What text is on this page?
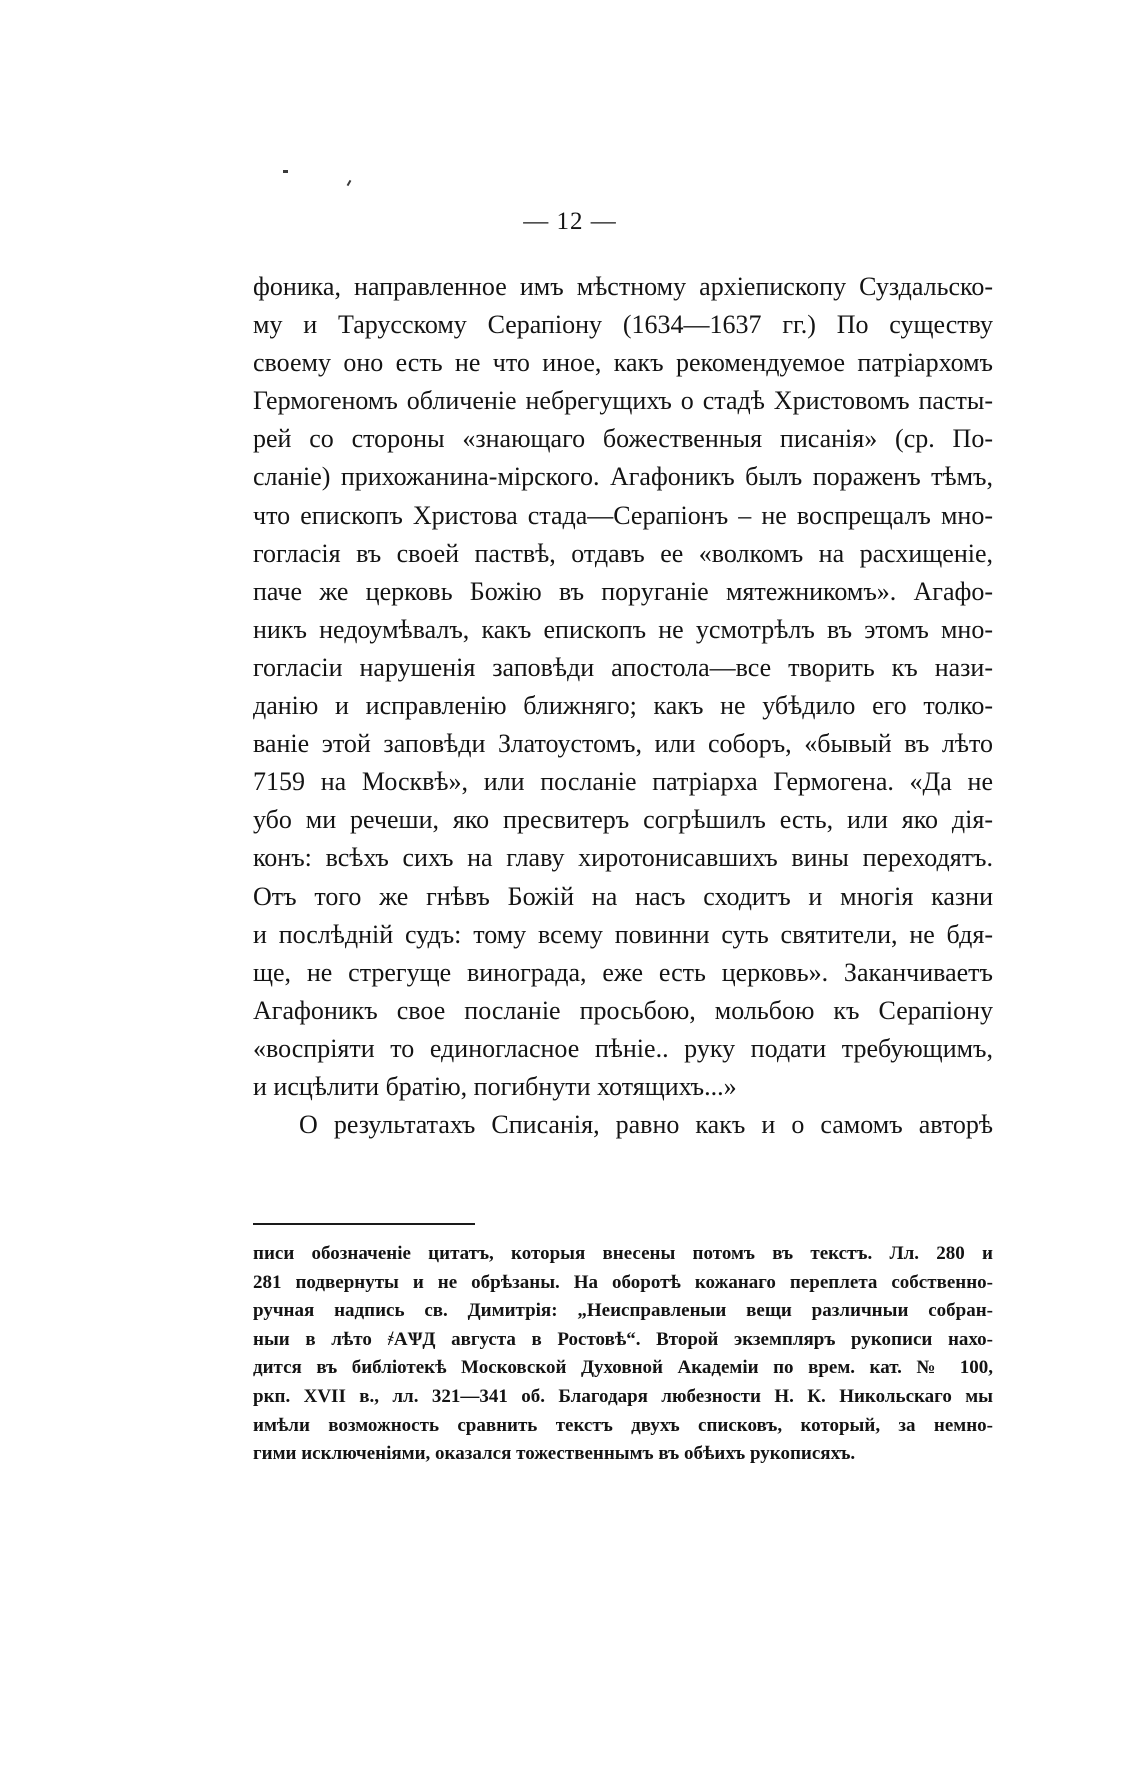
— 12 —
фоника, направленное имъ мѣстному архіепископу Суздальско-
му и Тарусскому Серапіону (1634—1637 гг.) По существу
своему оно есть не что иное, какъ рекомендуемое патріархомъ
Гермогеномъ обличеніе небрегущихъ о стадѣ Христовомъ пасты-
рей со стороны «знающаго божественныя писанія» (ср. По-
сланіе) прихожанина-мірского. Агафоникъ былъ пораженъ тѣмъ,
что епископъ Христова стада—Серапіонъ – не воспрещалъ мно-
гогласія въ своей паствѣ, отдавъ ее «волкомъ на расхищеніе,
паче же церковь Божію въ поруганіе мятежникомъ». Агафо-
никъ недоумѣвалъ, какъ епископъ не усмотрѣлъ въ этомъ мно-
гогласіи нарушенія заповѣди апостола—все творить къ нази-
данію и исправленію ближняго; какъ не убѣдило его толко-
ваніе этой заповѣди Златоустомъ, или соборъ, «бывый въ лѣто
7159 на Москвѣ», или посланіе патріарха Гермогена. «Да не
убо ми речеши, яко пресвитеръ согрѣшилъ есть, или яко дія-
конъ: всѣхъ сихъ на главу хиротонисавшихъ вины переходятъ.
Отъ того же гнѣвъ Божій на насъ сходитъ и многія казни
и послѣдній судъ: тому всему повинни суть святители, не бдя-
ще, не стрегуще винограда, еже есть церковь». Заканчиваетъ
Агафоникъ свое посланіе просьбою, мольбою къ Серапіону
«воспріяти то единогласное пѣніе.. руку подати требующимъ,
и исцѣлити братію, погибнути хотящихъ...»
О результатахъ Списанія, равно какъ и о самомъ авторѣ
писи обозначеніе цитатъ, которыя внесены потомъ въ текстъ. Лл. 280 и
281 подвернуты и не обрѣзаны. На оборотѣ кожанаго переплета собственно-
ручная надпись св. Димитрія: „Неисправленыи вещи различныи собран-
ныи в лѣто ҂АѰД августа в Ростовѣ“. Второй экземпляръ рукописи нахо-
дится въ библіотекѣ Московской Духовной Академіи по врем. кат. № 100,
ркп. XVII в., лл. 321—341 об. Благодаря любезности Н. К. Никольскаго мы
имѣли возможность сравнить текстъ двухъ списковъ, который, за немно-
гими исключеніями, оказался тожественнымъ въ обѣихъ рукописяхъ.
